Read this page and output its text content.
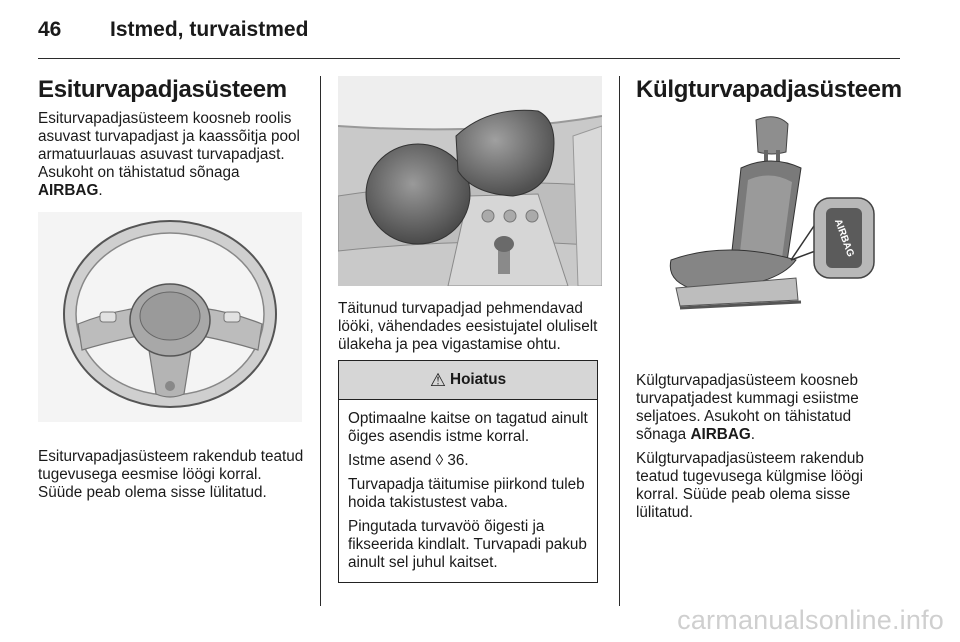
46 Istmed, turvaistmed
Esiturvapadjasüsteem

Esiturvapadjasüsteem koosneb roolis asuvast turvapadjast ja kaassõitja pool armatuurlauas asuvast turvapadjast. Asukoht on tähistatud sõnaga AIRBAG.

Esiturvapadjasüsteem rakendub teatud tugevusega eesmise löögi korral. Süüde peab olema sisse lülitatud.

Täitunud turvapadjad pehmendavad lööki, vähendades eesistujatel oluliselt ülakeha ja pea vigastamise ohtu.

⚠ Hoiatus

Optimaalne kaitse on tagatud ainult õiges asendis istme korral.

Istme asend ◊ 36.

Turvapadja täitumise piirkond tuleb hoida takistustest vaba.

Pingutada turvavöö õigesti ja fikseerida kindlalt. Turvapadi pakub ainult sel juhul kaitset.

Külgturvapadjasüsteem
AIRBAG

Külgturvapadjasüsteem koosneb turvapatjadest kummagi esiistme seljatoes. Asukoht on tähistatud sõnaga AIRBAG.

Külgturvapadjasüsteem rakendub teatud tugevusega külgmise löögi korral. Süüde peab olema sisse lülitatud.

carmanualsonline.info
